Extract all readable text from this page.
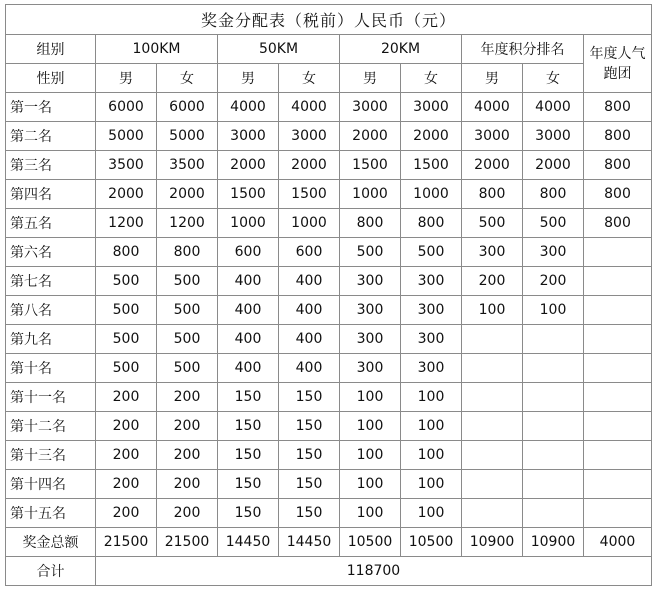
奖金分配表（税前）人民币（元）									
组别	100KM		50KM		20KM		年度积分排名		年度人气跑团
性别	男	女	男	女	男	女	男	女	
第一名	6000	6000	4000	4000	3000	3000	4000	4000	800
第二名	5000	5000	3000	3000	2000	2000	3000	3000	800
第三名	3500	3500	2000	2000	1500	1500	2000	2000	800
第四名	2000	2000	1500	1500	1000	1000	800	800	800
第五名	1200	1200	1000	1000	800	800	500	500	800
第六名	800	800	600	600	500	500	300	300	
第七名	500	500	400	400	300	300	200	200	
第八名	500	500	400	400	300	300	100	100	
第九名	500	500	400	400	300	300			
第十名	500	500	400	400	300	300			
第十一名	200	200	150	150	100	100			
第十二名	200	200	150	150	100	100			
第十三名	200	200	150	150	100	100			
第十四名	200	200	150	150	100	100			
第十五名	200	200	150	150	100	100			
奖金总额	21500	21500	14450	14450	10500	10500	10900	10900	4000
合计	118700								
